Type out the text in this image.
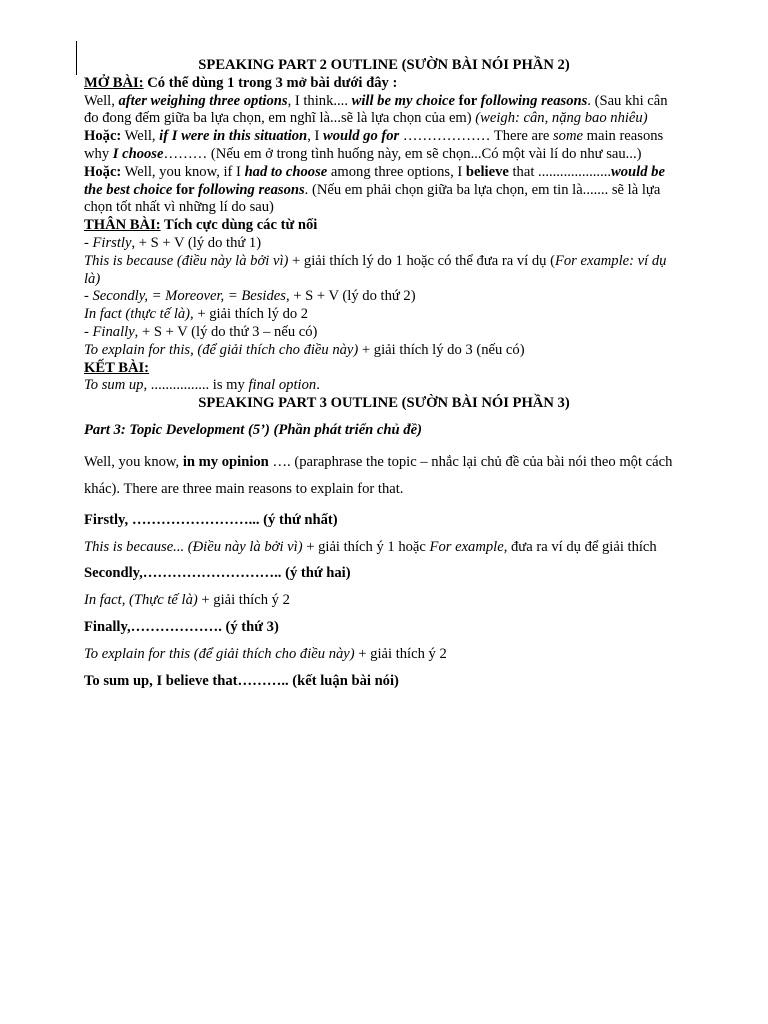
SPEAKING PART 2 OUTLINE (SƯỜN BÀI NÓI PHẦN 2)

MỞ BÀI: Có thể dùng 1 trong 3 mở bài dưới đây :

Well, after weighing three options, I think.... will be my choice for following reasons. (Sau khi cân đo đong đếm giữa ba lựa chọn, em nghĩ là...sẽ là lựa chọn của em) (weigh: cân, nặng bao nhiêu)

Hoặc: Well, if I were in this situation, I would go for ……………… There are some main reasons why I choose……… (Nếu em ở trong tình huống này, em sẽ chọn...Có một vài lí do như sau...)

Hoặc: Well, you know, if I had to choose among three options, I believe that ....................would be the best choice for following reasons. (Nếu em phải chọn giữa ba lựa chọn, em tin là....... sẽ là lựa chọn tốt nhất vì những lí do sau)

THÂN BÀI: Tích cực dùng các từ nối

- Firstly, + S + V (lý do thứ 1)

This is because (điều này là bởi vì) + giải thích lý do 1 hoặc có thể đưa ra ví dụ (For example: ví dụ là)

- Secondly, = Moreover, = Besides, + S + V (lý do thứ 2)

In fact (thực tế là), + giải thích lý do 2

- Finally, + S + V (lý do thứ 3 – nếu có)

To explain for this, (để giải thích cho điều này) + giải thích lý do 3 (nếu có)

KẾT BÀI:

To sum up, ................ is my final option.

SPEAKING PART 3 OUTLINE (SƯỜN BÀI NÓI PHẦN 3)

Part 3: Topic Development (5’) (Phần phát triển chủ đề)

Well, you know, in my opinion …. (paraphrase the topic – nhắc lại chủ đề của bài nói theo một cách khác). There are three main reasons to explain for that.

Firstly, ……………………... (ý thứ nhất)

This is because... (Điều này là bởi vì) + giải thích ý 1 hoặc For example, đưa ra ví dụ để giải thích

Secondly,……………………….. (ý thứ hai)

In fact, (Thực tế là) + giải thích ý 2

Finally,………………. (ý thứ 3)

To explain for this (để giải thích cho điều này) + giải thích ý 2

To sum up, I believe that……….. (kết luận bài nói)
